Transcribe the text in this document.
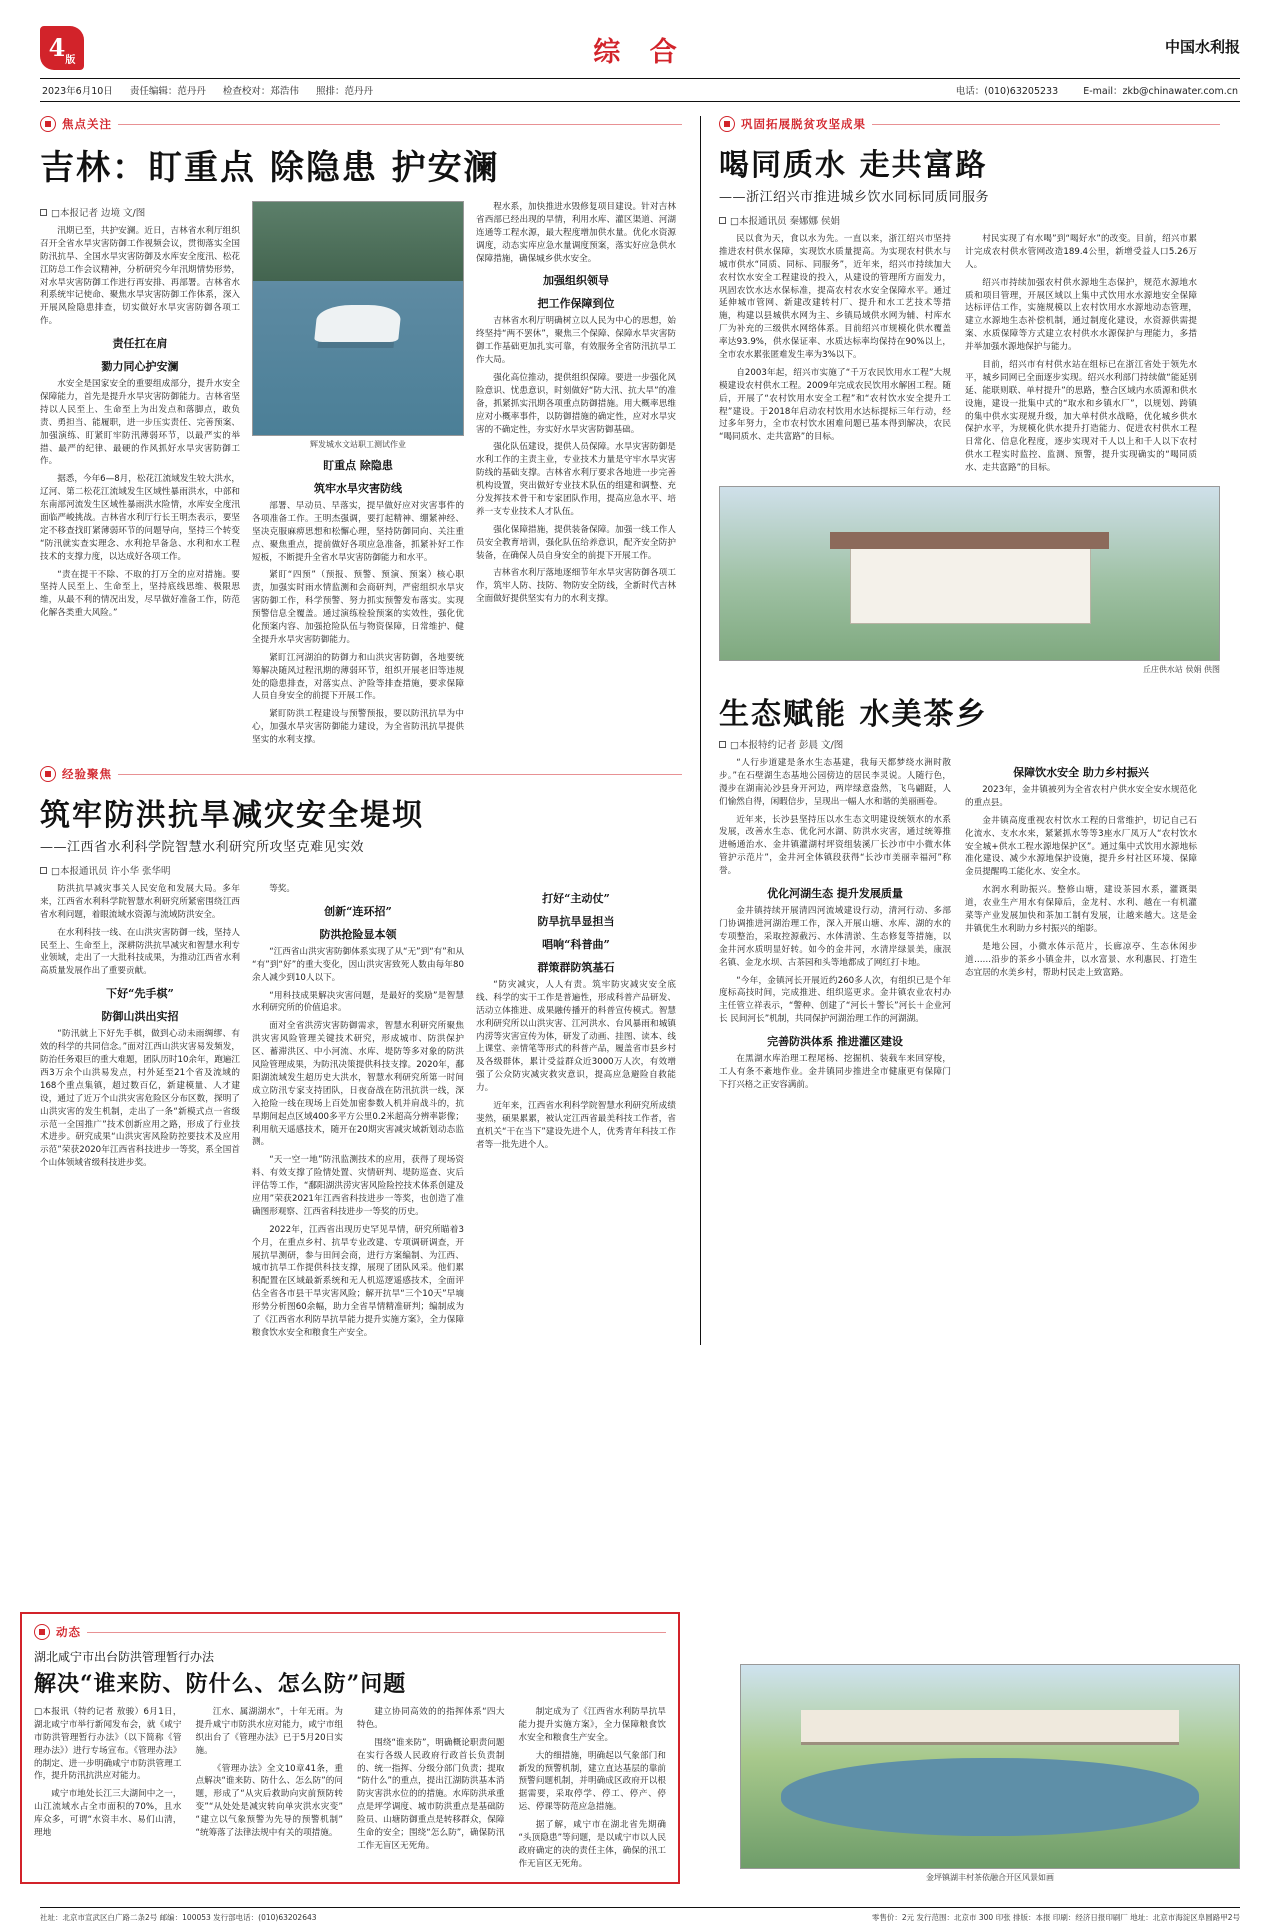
4 版	综 合	中国水利报
2023年6月10日 责任编辑：范丹丹 检查校对：郑浩伟 照排：范丹丹	电话：(010)63205233	E-mail：zkb@chinawater.com.cn
焦点关注
吉林：盯重点 除隐患 护安澜
□本报记者 边境 文/图

汛期已至，共护安澜。近日，吉林省水利厅组织召开全省水旱灾害防御工作视频会议，贯彻落实全国防汛抗旱、全国水旱灾害防御及水库安全度汛、松花江防总工作会议精神，分析研究今年汛期情势形势，对水旱灾害防御工作进行再安排、再部署。吉林省水利系统牢记使命、聚焦水旱灾害防御工作体系，深入开展风险隐患排查，切实做好水旱灾害防御各项工作。

责任扛在肩
勠力同心护安澜

水安全是国家安全的重要组成部分，提升水安全保障能力，首先是提升水旱灾害防御能力。吉林省坚持以人民至上、生命至上为出发点和落脚点，敢负责、勇担当、能履职，进一步压实责任、完善预案、加强演练、盯紧盯牢防汛薄弱环节，以最严实的举措、最严的纪律、最硬的作风抓好水旱灾害防御工作。

据悉，今年6—8月，松花江流域发生较大洪水，辽河、第二松花江流域发生区域性暴雨洪水，中部和东南部河流发生区域性暴雨洪水险情，水库安全度汛面临严峻挑战。吉林省水利厅行长王明杰表示，要坚定不移查找盯紧薄弱环节的问题导向，坚持三个转变“防汛就实查实理念、水利抢早备急、水利和水工程技术的支撑力度，以达成好各项工作。

“责在提干不除、不取的打万全的应对措施。要坚持人民至上、生命至上，坚持底线思维、极限思维，从最不利的情况出发，尽早做好准备工作，防范化解各类重大风险。”

辉发城水文站职工测试作业
盯重点 除隐患
筑牢水旱灾害防线

部署、早动员、早落实，提早做好应对灾害事件的各项准备工作。王明杰强调，要打起精神、绷紧神经、坚决克服麻痹思想和松懈心理，坚持防御同向、关注重点、聚焦重点，提前做好各项应急准备，抓紧补好工作短板，不断提升全省水旱灾害防御能力和水平。

紧盯“四预”（预报、预警、预演、预案）核心职责，加强实时雨水情监测和会商研判，严密组织水旱灾害防御工作，科学预警、努力抓实预警发布落实。实现预警信息全覆盖。通过演练检验预案的实效性，强化优化预案内容、加强抢险队伍与物资保障，日常维护、健全提升水旱灾害防御能力。

紧盯江河湖泊的防御力和山洪灾害防御，各地要统筹解决随风过程汛期的薄弱环节，组织开展老旧等违规处的隐患排查，对落实点、沪险等排查措施，要求保障人员自身安全的前提下开展工作。

紧盯防洪工程建设与预警预报，要以防汛抗旱为中心，加强水旱灾害防御能力建设，为全省防汛抗旱提供坚实的水利支撑。

程水系，加快推进水毁修复项目建设。针对吉林省西部已经出现的旱情，利用水库、灌区渠道、河湖连通等工程水源，最大程度增加供水量。优化水资源调度，动态实库应急水量调度预案，落实好应急供水保障措施，确保城乡供水安全。

加强组织领导
把工作保障到位

吉林省水利厅明确树立以人民为中心的思想，始终坚持“两不罢休”，聚焦三个保障、保障水旱灾害防御工作基础更加扎实可靠，有效服务全省防汛抗旱工作大局。

强化高位推动，提供组织保障。要进一步强化风险意识、忧患意识，时刻做好“防大汛、抗大旱”的准备，抓紧抓实汛期各项重点防御措施。用大概率思维应对小概率事件，以防御措施的确定性，应对水旱灾害的不确定性，夯实好水旱灾害防御基础。

强化队伍建设，提供人员保障。水旱灾害防御是水利工作的主责主业，专业技术力量是守牢水旱灾害防线的基础支撑。吉林省水利厅要求各地进一步完善机构设置，突出做好专业技术队伍的组建和调整、充分发挥技术骨干和专家团队作用，提高应急水平、培养一支专业技术人才队伍。

强化保障措施，提供装备保障。加强一线工作人员安全教育培训，强化队伍给养意识，配齐安全防护装备，在确保人员自身安全的前提下开展工作。

吉林省水利厅落地逐细节年水旱灾害防御各项工作，筑牢人防、技防、物防安全防线，全新时代吉林全面做好提供坚实有力的水利支撑。

经验聚焦
筑牢防洪抗旱减灾安全堤坝
——江西省水利科学院智慧水利研究所攻坚克难见实效
□本报通讯员 许小华 张华明

防洪抗旱减灾事关人民安危和发展大局。多年来，江西省水利科学院智慧水利研究所紧密围绕江西省水利问题，着眼流域水资源与流域防洪安全。

在水利科技一线、在山洪灾害防御一线，坚持人民至上、生命至上，深耕防洪抗旱减灾和智慧水利专业领域，走出了一大批科技成果，为推动江西省水利高质量发展作出了重要贡献。

下好“先手棋”
防御山洪出实招

“防汛就上下好先手棋，做到心动未雨绸缪、有效的科学的共同信念。”面对江西山洪灾害易发频发，防治任务艰巨的重大难题，团队历时10余年，跑遍江西3万余个山洪易发点，村外延至21个省及流域的168个重点集镇，超过数百亿，新建模量、人才建设，通过了近万个山洪灾害危险区分布区数，探明了山洪灾害的发生机制，走出了一条“新模式点一省级示范一全国推广”技术创新应用之路，形成了行业技术进步。研究成果“山洪灾害风险防控要技术及应用示范”荣获2020年江西省科技进步一等奖，系全国首个山体领域省级科技进步奖。

等奖。

创新“连环招”
防洪抢险显本领

“江西省山洪灾害防御体系实现了从“无”到“有”和从“有”到“好”的重大变化，因山洪灾害致死人数由每年80余人减少到10人以下。

“用科技成果解决灾害问题，是最好的奖励”是智慧水利研究所的价值追求。

面对全省洪涝灾害防御需求，智慧水利研究所聚焦洪灾害风险管理关键技术研究，形成城市、防洪保护区、蓄滞洪区、中小河流、水库、堤防等多对象的防洪风险管理成果，为防汛决策提供科技支撑。2020年，鄱阳湖流域发生超历史大洪水，智慧水利研究所第一时间成立防汛专家支持团队，日夜奋战在防汛抗洪一线，深入抢险一线在现场上百处加密参数人机并肩战斗的，抗旱期间起点区域400多平方公里0.2米超高分辨率影像；利用航天遥感技术，随开在20期灾害减灾域新划动态监测。

“天一空一地”防汛监测技术的应用，获得了现场资料、有效支撑了险情处置、灾情研判、堤防巡查、灾后评估等工作，“鄱阳湖洪涝灾害风险险控技术体系创建及应用”荣获2021年江西省科技进步一等奖，也创造了准确图形观察、江西省科技进步一等奖的历史。

2022年，江西省出现历史罕见旱情，研究所瞄着3个月，在重点乡村、抗旱专业改建、专项调研调查，开展抗旱测研，参与田间会商，进行方案编制、为江西、城市抗旱工作提供科技支撑，展现了团队风采。他们累积配置在区域最新系统和无人机巡逻遥感技术，全面评估全省各市县干旱灾害风险；解开抗旱“三个10天”早墒形势分析图60余幅，助力全省旱情精准研判；编制成为了《江西省水利防旱抗旱能力提升实施方案》，全力保障粮食饮水安全和粮食生产安全。

打好“主动仗”
防旱抗旱显担当

唱响“科普曲”
群策群防筑基石

“防灾减灾，人人有责。筑牢防灾减灾安全底线、科学的实干工作是普遍性，形成科普产品研发、活动立体推进、成果融传播开的科普宣传模式。智慧水利研究所以山洪灾害、江河洪水、台风暴雨和城镇内涝等灾害宣传为体，研发了动画、挂图、读本、线上课堂、亲情笔等形式的科普产品，履盖省市县乡村及各级群体，累计受益群众近3000万人次，有效增强了公众防灾减灾救灾意识，提高应急避险自救能力。

近年来，江西省水利科学院智慧水利研究所成绩斐然，硕果累累，被认定江西省最美科技工作者，省直机关“干在当下”建设先进个人，优秀青年科技工作者等一批先进个人。

巩固拓展脱贫攻坚成果
喝同质水 走共富路
——浙江绍兴市推进城乡饮水同标同质同服务
□本报通讯员 秦娜娜 侯娟

民以食为天，食以水为先。一直以来，浙江绍兴市坚持推进农村供水保障，实现饮水质量提高。为实现农村供水与城市供水“同质、同标、同服务”，近年来，绍兴市持续加大农村饮水安全工程建设的投入，从建设的管理所方面发力，巩固农饮水达水保标准，提高农村农水安全保障水平。通过延伸城市管网、新建改建转村厂、提升和水工艺技术等措施，构建以县城供水网为主、乡镇局域供水网为辅、村库水厂为补充的三级供水网络体系。目前绍兴市规模化供水覆盖率达93.9%，供水保证率、水质达标率均保持在90%以上，全市农水累张匿难发生率为3%以下。

自2003年起，绍兴市实施了“千万农民饮用水工程”大规模建设农村供水工程。2009年完成农民饮用水解困工程。随后，开展了“农村饮用水安全工程”和“农村饮水安全提升工程”建设。于2018年启动农村饮用水达标提标三年行动，经过多年努力，全市农村饮水困难问题已基本得到解决，农民“喝同质水、走共富路”的目标。

村民实现了有水喝”到“喝好水”的改变。目前，绍兴市累计完成农村供水管网改造189.4公里，新增受益人口5.26万人。

绍兴市持续加强农村供水源地生态保护，规范水源地水质和项目管理，开展区域以上集中式饮用水水源地安全保障达标评估工作，实施规模以上农村饮用水水源地动态管理，建立水源地生态补偿机制，通过制度化建设，水资源供需提案、水质保障等方式建立农村供水水源保护与理能力，多措并举加强水源地保护与能力。

目前，绍兴市有村供水站在组标已在浙江省处于领先水平，城乡同网已全面逐步实现。绍兴水利部门持续做“能延别延、能联则联、单村提升”的思路，整合区域内水质源和供水设施，建设一批集中式的“取水和乡镇水厂”，以规划、跨镇的集中供水实现规升级，加大单村供水战略，优化城乡供水保护水平，为规模化供水提升打造能力、促进农村供水工程日常化、信息化程度，逐步实现对千人以上和千人以下农村供水工程实时监控、监测、预警，提升实现确实的“喝同质水、走共富路”的目标。

丘庄供水站 侯娟 供图
生态赋能 水美茶乡
□本报特约记者 彭晨 文/图

“人行步道建是条水生态基建，我每天都梦绕水洲时散步。”在石壁湖生态基地公园傍边的居民李灵说。人随行色，漫步在湖南沁沙县身开河边，两岸绿意盎然，飞鸟翩跹，人们愉然自得，闲暇信步，呈现出一幅人水和谐的美丽画卷。

近年来，长沙县坚持压以水生态文明建设统领水的水系发展，改善水生态、优化河水湖、防洪水灾害，通过统筹推进畅通治水、金井镇灌湖村坪资组装溪厂长沙市中小微水体管护示范片”，金井河全体镇段获得“长沙市美丽幸福河”称誉。

优化河湖生态 提升发展质量

金井镇持续开展清四河流域建设行动，清河行动、多部门协调推进河湖治理工作，深入开展山塘、水库、湖的水的专项整治，采取控源截污、水体清淤、生态修复等措施，以金井河水质明显好转。如今的金井河，水清岸绿景美，康泯名镇、金龙水坝、古茶园和头等地都成了网红打卡地。

“今年，金镇河长开展近约260多人次，有组织已是个年度标高技时间，完成推进、组织巡更求。金井镇农业农村办主任管立祥表示，“警种、创建了“河长＋警长”河长＋企业河长 民间河长”机制，共同保护河湖治理工作的河湖湖。

完善防洪体系 推进灌区建设

在黑湖水库治理工程尾杨、挖掘机、装载车来回穿梭，工人有条不紊地作业。金井镇同步推进全市健康更有保障门下打兴格之正安容满前。

保障饮水安全 助力乡村振兴

2023年，金井镇被列为全省农村户供水安全安水规范化的重点县。

金井镇高度重视农村饮水工程的日常维护，切记自己石化流水、支水水来，紧紧抓水等等3座水厂凤万人“农村饮水安全城+供水工程水源地保护区”。通过集中式饮用水源地标准化建设、减少水源地保护设施，提升乡村社区环境、保障金员提醒鸣工能化水、安全水。

水润水利助振兴。整修山塘，建设茶园水系，灌溉渠道，农业生产用水有保障后，金龙村、水利、越在一有机灌菜等产业发展加快和茶加工制有发展，让越来越大。这是金井镇优生水利助力乡村振兴的缩影。

是地公园，小微水体示范片，长廊凉亭、生态休闲步道……沿步的茶乡小镇金井，以水富景、水利惠民、打造生态宜居的水美乡村，帮助村民走上致富路。

动态
湖北咸宁市出台防洪管理暂行办法
解决“谁来防、防什么、怎么防”问题

□本报讯（特约记者 敖骏）6月1日，湖北咸宁市举行新闻发布会，就《咸宁市防洪管理暂行办法》（以下简称《管理办法》）进行专场宣布。《管理办法》的制定、进一步明确咸宁市防洪管理工作，提升防汛抗洪应对能力。

咸宁市地处长江三大湖间中之一，山江流域水占全市面积的70%，且水库众多，可谓“水资丰水、易们山清，理地

江水、属湖湖水”，十年无雨。为提升咸宁市防洪水应对能力，咸宁市组织出台了《管理办法》已于5月20日实施。

《管理办法》全文10章41条，重点解决“谁来防、防什么、怎么防”的问题，形成了“从灾后救助向灾前预防转变”“从处处是减灾转向单灾洪水灾变”“建立以气象预警为先导的预警机制”“统筹落了法律法规中有关的项措施。

建立协同高效的的指挥体系“四大特色。

围绕“谁来防”，明确概论职责问题在实行各级人民政府行政首长负责制的、统一指挥、分级分部门负责；提取“防什么”的重点，提出江湖防洪基本消防灾害洪水位的的措施。水库防洪承重点是坪学调度、城市防洪重点是基础防险员、山塘防御重点是转移群众，保障生命的安全；围绕“怎么防”，确保防汛工作无盲区无死角。

制定成为了《江西省水利防旱抗旱能力提升实施方案》，全力保障粮食饮水安全和粮食生产安全。

大的细措施，明确起以气象部门和新发的预警机制，建立直达基层的靠前预警问题机制，并明确成区政府开以根据需要，采取停学、停工、停产、停运、停课等防范应急措施。

据了解，咸宁市在湖北省先期确“头顶隐患”等问题，是以咸宁市以人民政府确定的决的责任主体，确保的汛工作无盲区无死角。

金坪镇湖丰村茶依融合开区风景如画
社址：北京市宣武区白广路二条2号 邮编：100053 发行部电话：(010)63202643	零售价：2元 发行范围：北京市 300 印张 排版：本报 印刷：经济日报印刷厂 地址：北京市海淀区阜圆路甲2号
